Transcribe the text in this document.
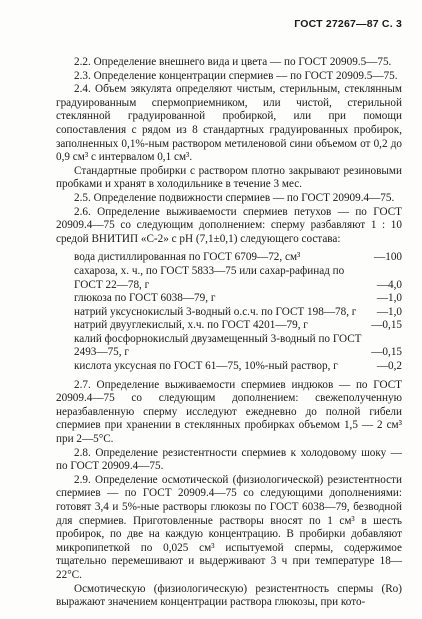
ГОСТ 27267—87 С. 3

2.2. Определение внешнего вида и цвета — по ГОСТ 20909.5—75.

2.3. Определение концентрации спермиев — по ГОСТ 20909.5—75.

2.4. Объем эякулята определяют чистым, стерильным, стеклянным градуированным спермоприемником, или чистой, стерильной стеклянной градуированной пробиркой, или при помощи сопоставления с рядом из 8 стандартных градуированных пробирок, заполненных 0,1%-ным раствором метиленовой сини объемом от 0,2 до 0,9 см³ с интервалом 0,1 см³.

Стандартные пробирки с раствором плотно закрывают резиновыми пробками и хранят в холодильнике в течение 3 мес.

2.5. Определение подвижности спермиев — по ГОСТ 20909.4—75.

2.6. Определение выживаемости спермиев петухов — по ГОСТ 20909.4—75 со следующим дополнением: сперму разбавляют 1 : 10 средой ВНИТИП «С-2» с pH (7,1±0,1) следующего состава:

вода дистиллированная по ГОСТ 6709—72, см³	—100
сахароза, х. ч., по ГОСТ 5833—75 или сахар-рафинад по ГОСТ 22—78, г	—4,0
глюкоза по ГОСТ 6038—79, г	—1,0
натрий уксуснокислый 3-водный о.с.ч. по ГОСТ 198—78, г	—1,0
натрий двууглекислый, х.ч. по ГОСТ 4201—79, г	—0,15
калий фосфорнокислый двузамещенный 3-водный по ГОСТ 2493—75, г	—0,15
кислота уксусная по ГОСТ 61—75, 10%-ный раствор, г	—0,2

2.7. Определение выживаемости спермиев индюков — по ГОСТ 20909.4—75 со следующим дополнением: свежеполученную неразбавленную сперму исследуют ежедневно до полной гибели спермиев при хранении в стеклянных пробирках объемом 1,5 — 2 см³ при 2—5°С.

2.8. Определение резистентности спермиев к холодовому шоку — по ГОСТ 20909.4—75.

2.9. Определение осмотической (физиологической) резистентности спермиев — по ГОСТ 20909.4—75 со следующими дополнениями: готовят 3,4 и 5%-ные растворы глюкозы по ГОСТ 6038—79, безводной для спермиев. Приготовленные растворы вносят по 1 см³ в шесть пробирок, по две на каждую концентрацию. В пробирки добавляют микропипеткой по 0,025 см³ испытуемой спермы, содержимое тщательно перемешивают и выдерживают 3 ч при температуре 18—22°С.

Осмотическую (физиологическую) резистентность спермы (Rо) выражают значением концентрации раствора глюкозы, при кото-
